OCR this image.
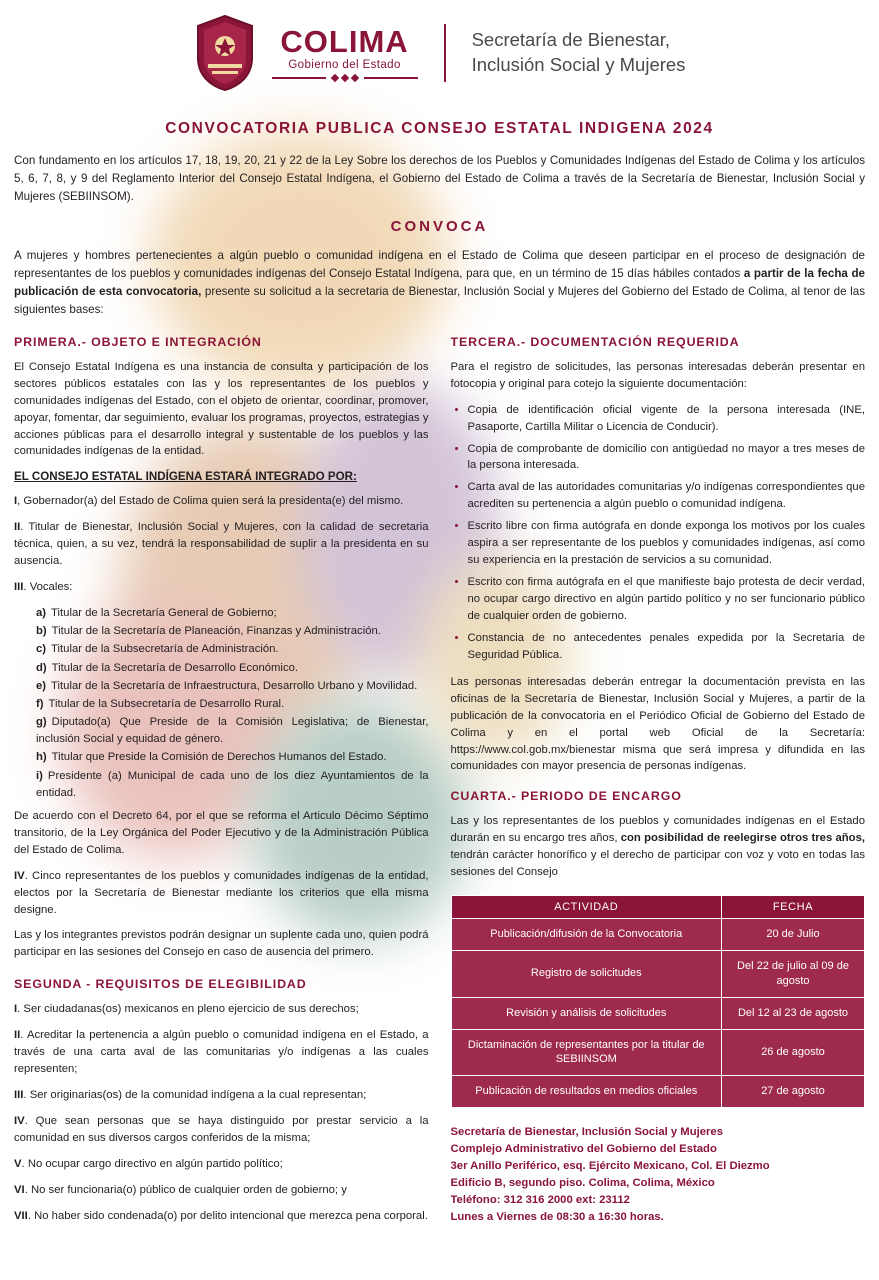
COLIMA
Gobierno del Estado
Secretaría de Bienestar,
Inclusión Social y Mujeres
CONVOCATORIA PUBLICA CONSEJO ESTATAL INDIGENA 2024

Con fundamento en los artículos 17, 18, 19, 20, 21 y 22 de la Ley Sobre los derechos de los Pueblos y Comunidades Indígenas del Estado de Colima y los artículos 5, 6, 7, 8, y 9 del Reglamento Interior del Consejo Estatal Indígena, el Gobierno del Estado de Colima a través de la Secretaría de Bienestar, Inclusión Social y Mujeres (SEBIINSOM).

CONVOCA

A mujeres y hombres pertenecientes a algún pueblo o comunidad indígena en el Estado de Colima que deseen participar en el proceso de designación de representantes de los pueblos y comunidades indígenas del Consejo Estatal Indígena, para que, en un término de 15 días hábiles contados a partir de la fecha de publicación de esta convocatoria, presente su solicitud a la secretaria de Bienestar, Inclusión Social y Mujeres del Gobierno del Estado de Colima, al tenor de las siguientes bases:

PRIMERA.- OBJETO E INTEGRACIÓN

El Consejo Estatal Indígena es una instancia de consulta y participación de los sectores públicos estatales con las y los representantes de los pueblos y comunidades indígenas del Estado, con el objeto de orientar, coordinar, promover, apoyar, fomentar, dar seguimiento, evaluar los programas, proyectos, estrategias y acciones públicas para el desarrollo integral y sustentable de los pueblos y las comunidades indígenas de la entidad.

EL CONSEJO ESTATAL INDÍGENA ESTARÁ INTEGRADO POR:

I, Gobernador(a) del Estado de Colima quien será la presidenta(e) del mismo.

II. Titular de Bienestar, Inclusión Social y Mujeres, con la calidad de secretaria técnica, quien, a su vez, tendrá la responsabilidad de suplir a la presidenta en su ausencia.

III. Vocales:

a) Titular de la Secretaría General de Gobierno;
b) Titular de la Secretaría de Planeación, Finanzas y Administración.
c) Titular de la Subsecretaría de Administración.
d) Titular de la Secretaría de Desarrollo Económico.
e) Titular de la Secretaría de Infraestructura, Desarrollo Urbano y Movilidad.
f) Titular de la Subsecretaría de Desarrollo Rural.
g) Diputado(a) Que Preside de la Comisión Legislativa; de Bienestar, inclusión Social y equidad de género.
h) Titular que Preside la Comisión de Derechos Humanos del Estado.
i) Presidente (a) Municipal de cada uno de los diez Ayuntamientos de la entidad.

De acuerdo con el Decreto 64, por el que se reforma el Articulo Décimo Séptimo transitorio, de la Ley Orgánica del Poder Ejecutivo y de la Administración Pública del Estado de Colima.

IV. Cinco representantes de los pueblos y comunidades indígenas de la entidad, electos por la Secretaría de Bienestar mediante los criterios que ella misma designe.

Las y los integrantes previstos podrán designar un suplente cada uno, quien podrá participar en las sesiones del Consejo en caso de ausencia del primero.

SEGUNDA - REQUISITOS DE ELEGIBILIDAD

I. Ser ciudadanas(os) mexicanos en pleno ejercicio de sus derechos;

II. Acreditar la pertenencia a algún pueblo o comunidad indígena en el Estado, a través de una carta aval de las comunitarias y/o indígenas a las cuales representen;

III. Ser originarias(os) de la comunidad indígena a la cual representan;

IV. Que sean personas que se haya distinguido por prestar servicio a la comunidad en sus diversos cargos conferidos de la misma;

V. No ocupar cargo directivo en algún partido político;

VI. No ser funcionaria(o) público de cualquier orden de gobierno; y

VII. No haber sido condenada(o) por delito intencional que merezca pena corporal.

TERCERA.- DOCUMENTACIÓN REQUERIDA

Para el registro de solicitudes, las personas interesadas deberán presentar en fotocopia y original para cotejo la siguiente documentación:

• Copia de identificación oficial vigente de la persona interesada (INE, Pasaporte, Cartilla Militar o Licencia de Conducir).
• Copia de comprobante de domicilio con antigüedad no mayor a tres meses de la persona interesada.
• Carta aval de las autoridades comunitarias y/o indígenas correspondientes que acrediten su pertenencia a algún pueblo o comunidad indígena.
• Escrito libre con firma autógrafa en donde exponga los motivos por los cuales aspira a ser representante de los pueblos y comunidades indígenas, así como su experiencia en la prestación de servicios a su comunidad.
• Escrito con firma autógrafa en el que manifieste bajo protesta de decir verdad, no ocupar cargo directivo en algún partido político y no ser funcionario público de cualquier orden de gobierno.
• Constancia de no antecedentes penales expedida por la Secretaria de Seguridad Pública.

Las personas interesadas deberán entregar la documentación prevista en las oficinas de la Secretaría de Bienestar, Inclusión Social y Mujeres, a partir de la publicación de la convocatoria en el Periódico Oficial de Gobierno del Estado de Colima y en el portal web Oficial de la Secretaría: https://www.col.gob.mx/bienestar misma que será impresa y difundida en las comunidades con mayor presencia de personas indígenas.

CUARTA.- PERIODO DE ENCARGO

Las y los representantes de los pueblos y comunidades indígenas en el Estado durarán en su encargo tres años, con posibilidad de reelegirse otros tres años, tendrán carácter honorífico y el derecho de participar con voz y voto en todas las sesiones del Consejo

ACTIVIDAD	FECHA
Publicación/difusión de la Convocatoria	20 de Julio
Registro de solicitudes	Del 22 de julio al 09 de agosto
Revisión y análisis de solicitudes	Del 12 al 23 de agosto
Dictaminación de representantes por la titular de SEBIINSOM	26 de agosto
Publicación de resultados en medios oficiales	27 de agosto
Secretaría de Bienestar, Inclusión Social y Mujeres
Complejo Administrativo del Gobierno del Estado
3er Anillo Periférico, esq. Ejército Mexicano, Col. El Diezmo
Edificio B, segundo piso. Colima, Colima, México
Teléfono: 312 316 2000 ext: 23112
Lunes a Viernes de 08:30 a 16:30 horas.
